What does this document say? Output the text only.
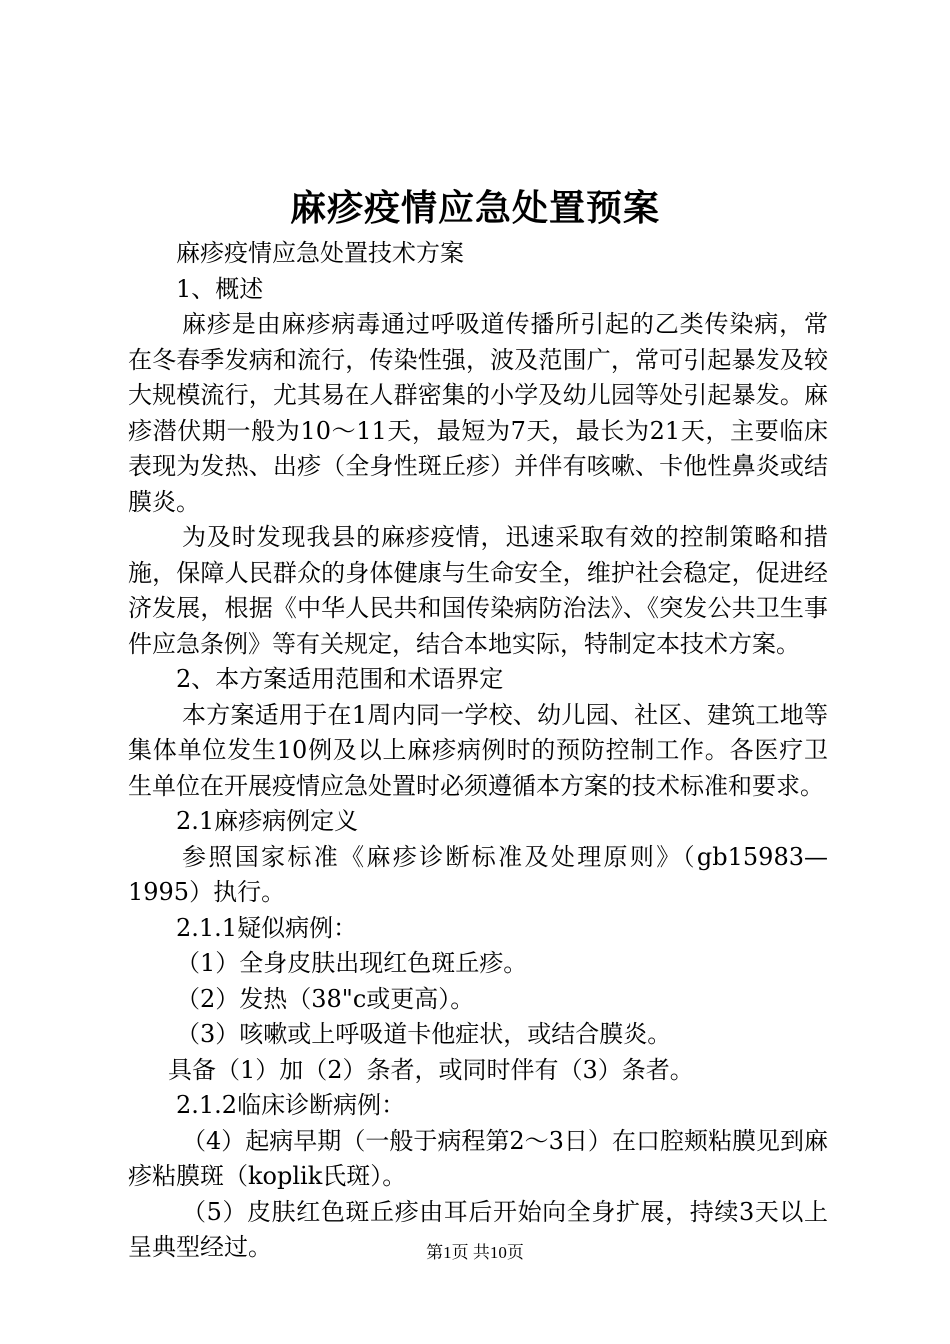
麻疹疫情应急处置预案

麻疹疫情应急处置技术方案

1、概述

麻疹是由麻疹病毒通过呼吸道传播所引起的乙类传染病，常在冬春季发病和流行，传染性强，波及范围广，常可引起暴发及较大规模流行，尤其易在人群密集的小学及幼儿园等处引起暴发。麻疹潜伏期一般为10～11天，最短为7天，最长为21天，主要临床表现为发热、出疹（全身性斑丘疹）并伴有咳嗽、卡他性鼻炎或结膜炎。

为及时发现我县的麻疹疫情，迅速采取有效的控制策略和措施，保障人民群众的身体健康与生命安全，维护社会稳定，促进经济发展，根据《中华人民共和国传染病防治法》、《突发公共卫生事件应急条例》等有关规定，结合本地实际，特制定本技术方案。

2、本方案适用范围和术语界定

本方案适用于在1周内同一学校、幼儿园、社区、建筑工地等集体单位发生10例及以上麻疹病例时的预防控制工作。各医疗卫生单位在开展疫情应急处置时必须遵循本方案的技术标准和要求。

2.1麻疹病例定义

参照国家标准《麻疹诊断标准及处理原则》（gb15983—1995）执行。

2.1.1疑似病例：

（1）全身皮肤出现红色斑丘疹。

（2）发热（38"c或更高）。

（3）咳嗽或上呼吸道卡他症状，或结合膜炎。

具备（1）加（2）条者，或同时伴有（3）条者。

2.1.2临床诊断病例：

（4）起病早期（一般于病程第2～3日）在口腔颊粘膜见到麻疹粘膜斑（koplik氏斑）。

（5）皮肤红色斑丘疹由耳后开始向全身扩展，持续3天以上呈典型经过。	第1页 共10页
